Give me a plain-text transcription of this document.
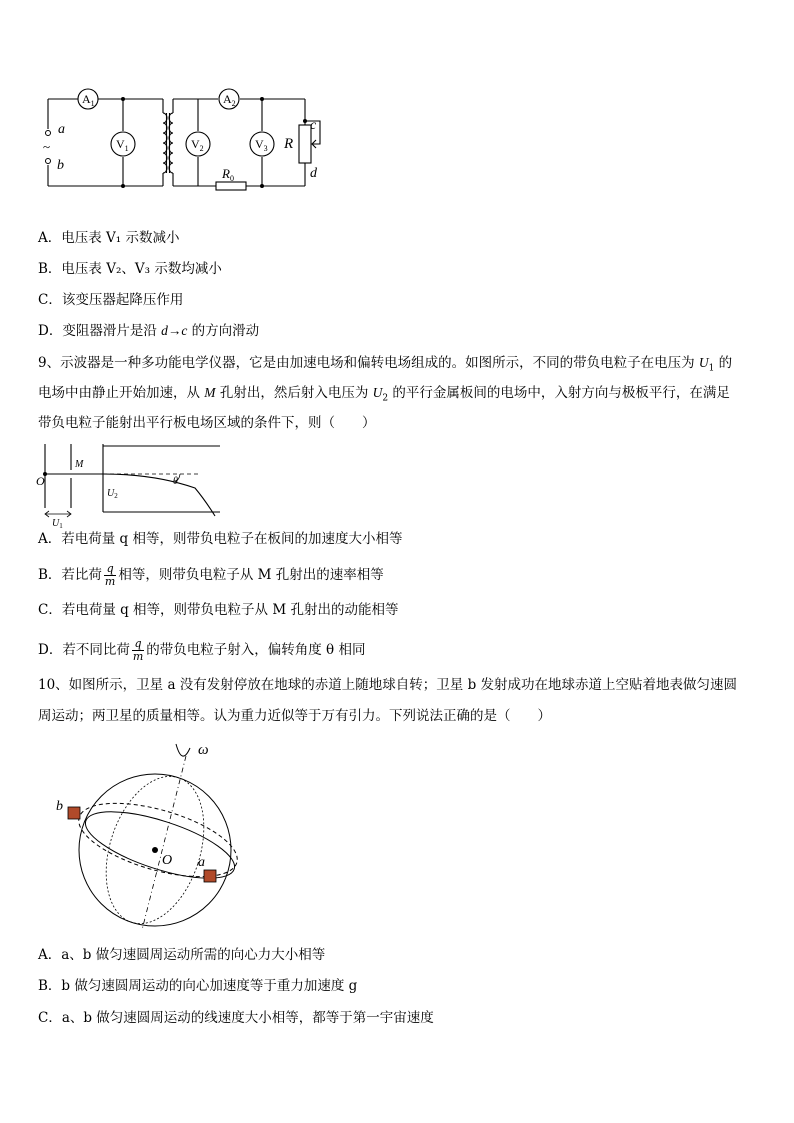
$A_1$	$A_2$
$V_1$	$V_2$	$V_3$
a
~
b
R
c
d
$R_0$
A．电压表 V₁ 示数减小
B．电压表 V₂、V₃ 示数均减小
C．该变压器起降压作用
D．变阻器滑片是沿 d→c 的方向滑动
9、示波器是一种多功能电学仪器，它是由加速电场和偏转电场组成的。如图所示，不同的带负电粒子在电压为 $U_1$ 的
电场中由静止开始加速，从 M 孔射出，然后射入电压为 $U_2$ 的平行金属板间的电场中，入射方向与极板平行，在满足
带负电粒子能射出平行板电场区域的条件下，则（　　）
M
O
$U_1$
$U_2$
θ
A．若电荷量 q 相等，则带负电粒子在板间的加速度大小相等
B．若比荷 $\frac{q}{m}$ 相等，则带负电粒子从 M 孔射出的速率相等
C．若电荷量 q 相等，则带负电粒子从 M 孔射出的动能相等
D．若不同比荷 $\frac{q}{m}$ 的带负电粒子射入，偏转角度 θ 相同
10、如图所示，卫星 a 没有发射停放在地球的赤道上随地球自转；卫星 b 发射成功在地球赤道上空贴着地表做匀速圆
周运动；两卫星的质量相等。认为重力近似等于万有引力。下列说法正确的是（　　）
ω
O a
b
A．a、b 做匀速圆周运动所需的向心力大小相等
B．b 做匀速圆周运动的向心加速度等于重力加速度 g
C．a、b 做匀速圆周运动的线速度大小相等，都等于第一宇宙速度
